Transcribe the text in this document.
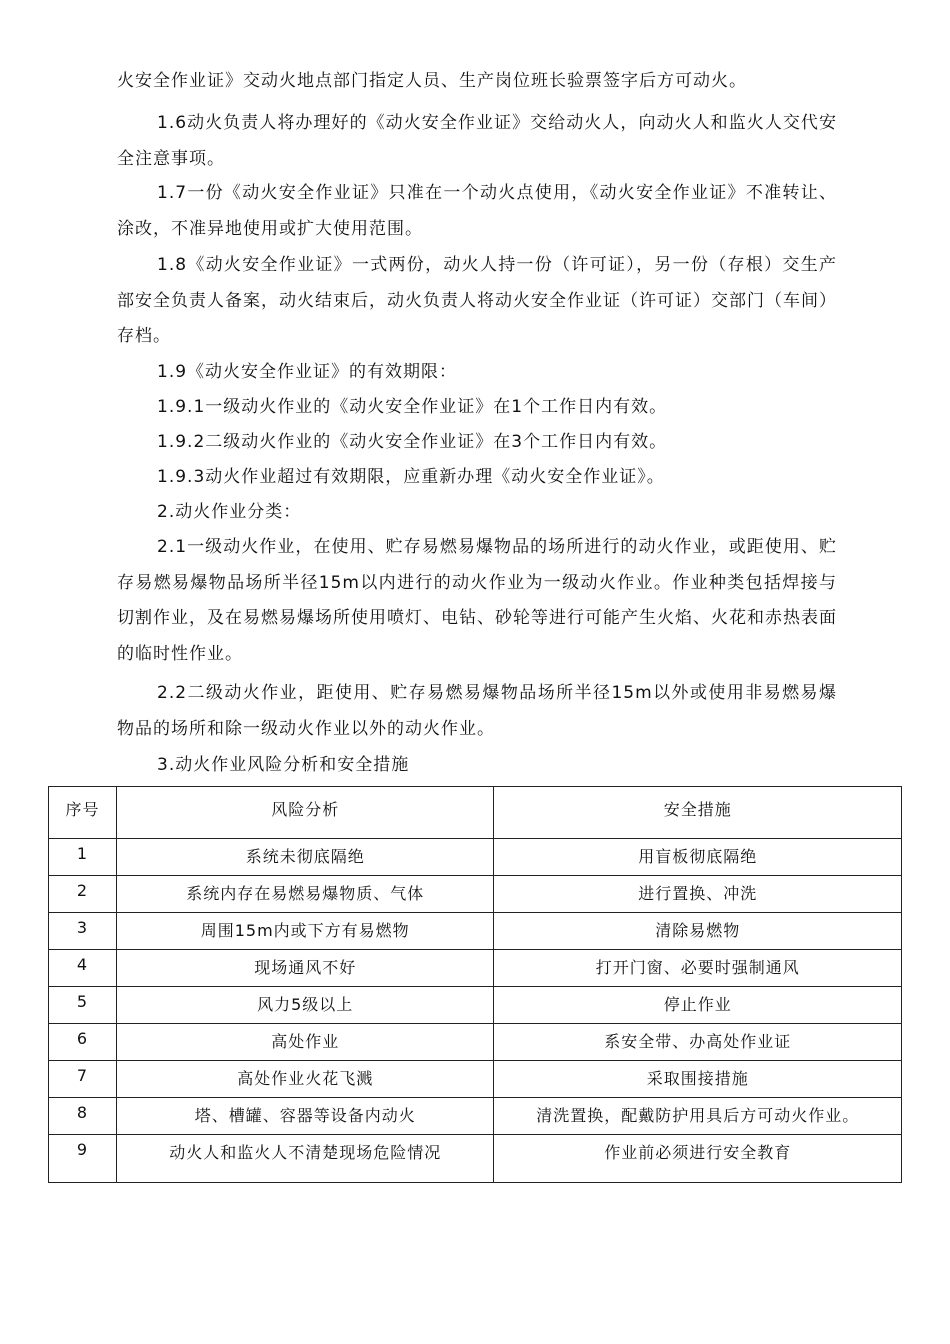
火安全作业证》交动火地点部门指定人员、生产岗位班长验票签字后方可动火。

1.6动火负责人将办理好的《动火安全作业证》交给动火人，向动火人和监火人交代安全注意事项。

1.7一份《动火安全作业证》只准在一个动火点使用，《动火安全作业证》不准转让、涂改，不准异地使用或扩大使用范围。

1.8《动火安全作业证》一式两份，动火人持一份（许可证），另一份（存根）交生产部安全负责人备案，动火结束后，动火负责人将动火安全作业证（许可证）交部门（车间）存档。

1.9《动火安全作业证》的有效期限：

1.9.1一级动火作业的《动火安全作业证》在1个工作日内有效。

1.9.2二级动火作业的《动火安全作业证》在3个工作日内有效。

1.9.3动火作业超过有效期限，应重新办理《动火安全作业证》。

2.动火作业分类：

2.1一级动火作业，在使用、贮存易燃易爆物品的场所进行的动火作业，或距使用、贮存易燃易爆物品场所半径15m以内进行的动火作业为一级动火作业。作业种类包括焊接与切割作业，及在易燃易爆场所使用喷灯、电钻、砂轮等进行可能产生火焰、火花和赤热表面的临时性作业。

2.2二级动火作业，距使用、贮存易燃易爆物品场所半径15m以外或使用非易燃易爆物品的场所和除一级动火作业以外的动火作业。

3.动火作业风险分析和安全措施

序号	风险分析	安全措施
1	系统未彻底隔绝	用盲板彻底隔绝
2	系统内存在易燃易爆物质、气体	进行置换、冲洗
3	周围15m内或下方有易燃物	清除易燃物
4	现场通风不好	打开门窗、必要时强制通风
5	风力5级以上	停止作业
6	高处作业	系安全带、办高处作业证
7	高处作业火花飞溅	采取围接措施
8	塔、槽罐、容器等设备内动火	清洗置换，配戴防护用具后方可动火作业。
9	动火人和监火人不清楚现场危险情况	作业前必须进行安全教育
